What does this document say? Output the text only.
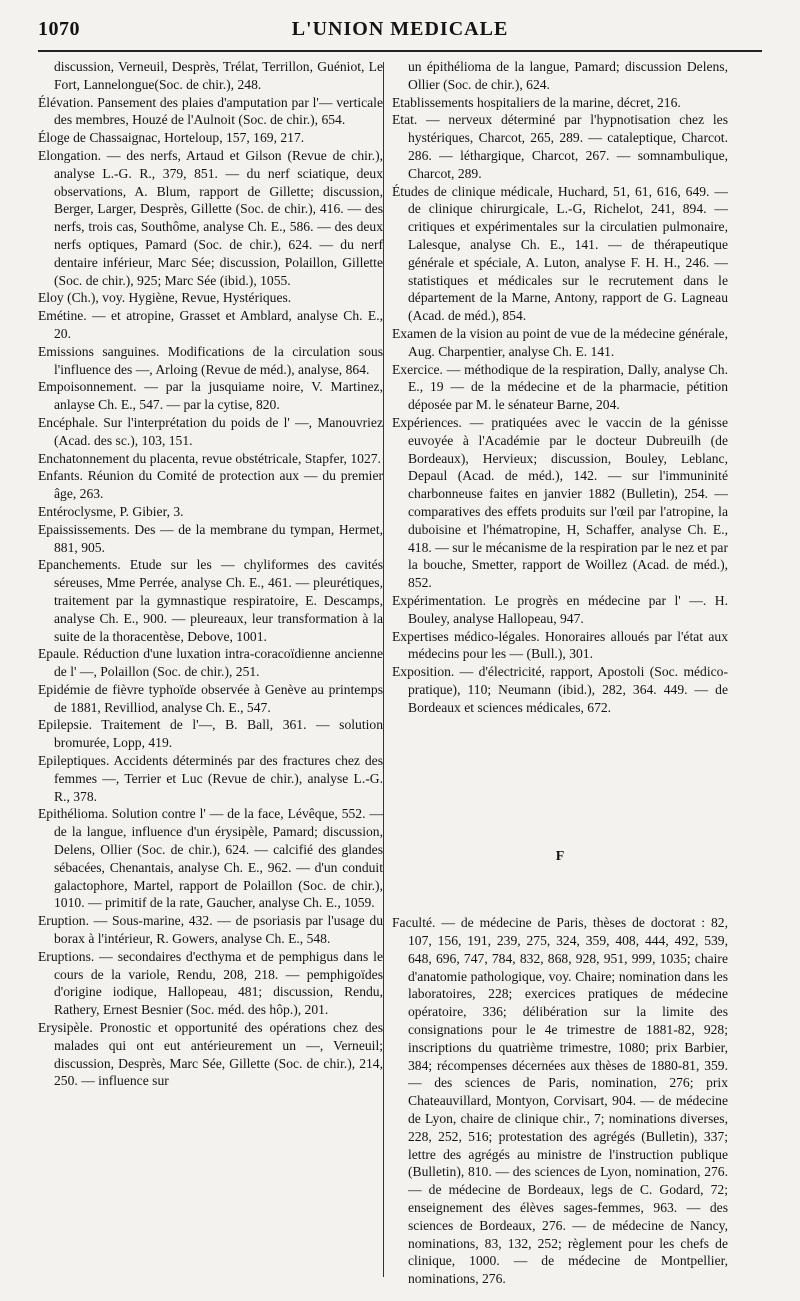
1070	L'UNION MEDICALE

discussion, Verneuil, Desprès, Trélat, Terrillon, Guéniot, Le Fort, Lannelongue(Soc. de chir.), 248.

Élévation. Pansement des plaies d'amputation par l'— verticale des membres, Houzé de l'Aulnoit (Soc. de chir.), 654.

Éloge de Chassaignac, Horteloup, 157, 169, 217.

Elongation. — des nerfs, Artaud et Gilson (Revue de chir.), analyse L.-G. R., 379, 851. — du nerf sciatique, deux observations, A. Blum, rapport de Gillette; discussion, Berger, Larger, Desprès, Gillette (Soc. de chir.), 416. — des nerfs, trois cas, Southôme, analyse Ch. E., 586. — des deux nerfs optiques, Pamard (Soc. de chir.), 624. — du nerf dentaire inférieur, Marc Sée; discussion, Polaillon, Gillette (Soc. de chir.), 925; Marc Sée (ibid.), 1055.

Eloy (Ch.), voy. Hygiène, Revue, Hystériques.

Emétine. — et atropine, Grasset et Amblard, analyse Ch. E., 20.

Emissions sanguines. Modifications de la circulation sous l'influence des —, Arloing (Revue de méd.), analyse, 864.

Empoisonnement. — par la jusquiame noire, V. Martinez, anlayse Ch. E., 547. — par la cytise, 820.

Encéphale. Sur l'interprétation du poids de l' —, Manouvriez (Acad. des sc.), 103, 151.

Enchatonnement du placenta, revue obstétricale, Stapfer, 1027.

Enfants. Réunion du Comité de protection aux — du premier âge, 263.

Entéroclysme, P. Gibier, 3.

Epaississements. Des — de la membrane du tympan, Hermet, 881, 905.

Epanchements. Etude sur les — chyliformes des cavités séreuses, Mme Perrée, analyse Ch. E., 461. — pleurétiques, traitement par la gymnastique respiratoire, E. Descamps, analyse Ch. E., 900. — pleureaux, leur transformation à la suite de la thoracentèse, Debove, 1001.

Epaule. Réduction d'une luxation intra-coracoïdienne ancienne de l' —, Polaillon (Soc. de chir.), 251.

Epidémie de fièvre typhoïde observée à Genève au printemps de 1881, Revilliod, analyse Ch. E., 547.

Epilepsie. Traitement de l'—, B. Ball, 361. — solution bromurée, Lopp, 419.

Epileptiques. Accidents déterminés par des fractures chez des femmes —, Terrier et Luc (Revue de chir.), analyse L.-G. R., 378.

Epithélioma. Solution contre l' — de la face, Lévêque, 552. — de la langue, influence d'un érysipèle, Pamard; discussion, Delens, Ollier (Soc. de chir.), 624. — calcifié des glandes sébacées, Chenantais, analyse Ch. E., 962. — d'un conduit galactophore, Martel, rapport de Polaillon (Soc. de chir.), 1010. — primitif de la rate, Gaucher, analyse Ch. E., 1059.

Eruption. — Sous-marine, 432. — de psoriasis par l'usage du borax à l'intérieur, R. Gowers, analyse Ch. E., 548.

Eruptions. — secondaires d'ecthyma et de pemphigus dans le cours de la variole, Rendu, 208, 218. — pemphigoïdes d'origine iodique, Hallopeau, 481; discussion, Rendu, Rathery, Ernest Besnier (Soc. méd. des hôp.), 201.

Erysipèle. Pronostic et opportunité des opérations chez des malades qui ont eut antérieurement un —, Verneuil; discussion, Desprès, Marc Sée, Gillette (Soc. de chir.), 214, 250. — influence sur

un épithélioma de la langue, Pamard; discussion Delens, Ollier (Soc. de chir.), 624.

Etablissements hospitaliers de la marine, décret, 216.

Etat. — nerveux déterminé par l'hypnotisation chez les hystériques, Charcot, 265, 289. — cataleptique, Charcot. 286. — léthargique, Charcot, 267. — somnambulique, Charcot, 289.

Études de clinique médicale, Huchard, 51, 61, 616, 649. — de clinique chirurgicale, L.-G, Richelot, 241, 894. — critiques et expérimentales sur la circulatien pulmonaire, Lalesque, analyse Ch. E., 141. — de thérapeutique générale et spéciale, A. Luton, analyse F. H. H., 246. — statistiques et médicales sur le recrutement dans le département de la Marne, Antony, rapport de G. Lagneau (Acad. de méd.), 854.

Examen de la vision au point de vue de la médecine générale, Aug. Charpentier, analyse Ch. E. 141.

Exercice. — méthodique de la respiration, Dally, analyse Ch. E., 19 — de la médecine et de la pharmacie, pétition déposée par M. le sénateur Barne, 204.

Expériences. — pratiquées avec le vaccin de la génisse euvoyée à l'Académie par le docteur Dubreuilh (de Bordeaux), Hervieux; discussion, Bouley, Leblanc, Depaul (Acad. de méd.), 142. — sur l'immuninité charbonneuse faites en janvier 1882 (Bulletin), 254. — comparatives des effets produits sur l'œil par l'atropine, la duboisine et l'hématropine, H, Schaffer, analyse Ch. E., 418. — sur le mécanisme de la respiration par le nez et par la bouche, Smetter, rapport de Woillez (Acad. de méd.), 852.

Expérimentation. Le progrès en médecine par l' —. H. Bouley, analyse Hallopeau, 947.

Expertises médico-légales. Honoraires alloués par l'état aux médecins pour les — (Bull.), 301.

Exposition. — d'électricité, rapport, Apostoli (Soc. médico-pratique), 110; Neumann (ibid.), 282, 364. 449. — de Bordeaux et sciences médicales, 672.

F

Faculté. — de médecine de Paris, thèses de doctorat : 82, 107, 156, 191, 239, 275, 324, 359, 408, 444, 492, 539, 648, 696, 747, 784, 832, 868, 928, 951, 999, 1035; chaire d'anatomie pathologique, voy. Chaire; nomination dans les laboratoires, 228; exercices pratiques de médecine opératoire, 336; délibération sur la limite des consignations pour le 4e trimestre de 1881-82, 928; inscriptions du quatrième trimestre, 1080; prix Barbier, 384; récompenses décernées aux thèses de 1880-81, 359. — des sciences de Paris, nomination, 276; prix Chateauvillard, Montyon, Corvisart, 904. — de médecine de Lyon, chaire de clinique chir., 7; nominations diverses, 228, 252, 516; protestation des agrégés (Bulletin), 337; lettre des agrégés au ministre de l'instruction publique (Bulletin), 810. — des sciences de Lyon, nomination, 276. — de médecine de Bordeaux, legs de C. Godard, 72; enseignement des élèves sages-femmes, 963. — des sciences de Bordeaux, 276. — de médecine de Nancy, nominations, 83, 132, 252; règlement pour les chefs de clinique, 1000. — de médecine de Montpellier, nominations, 276.
